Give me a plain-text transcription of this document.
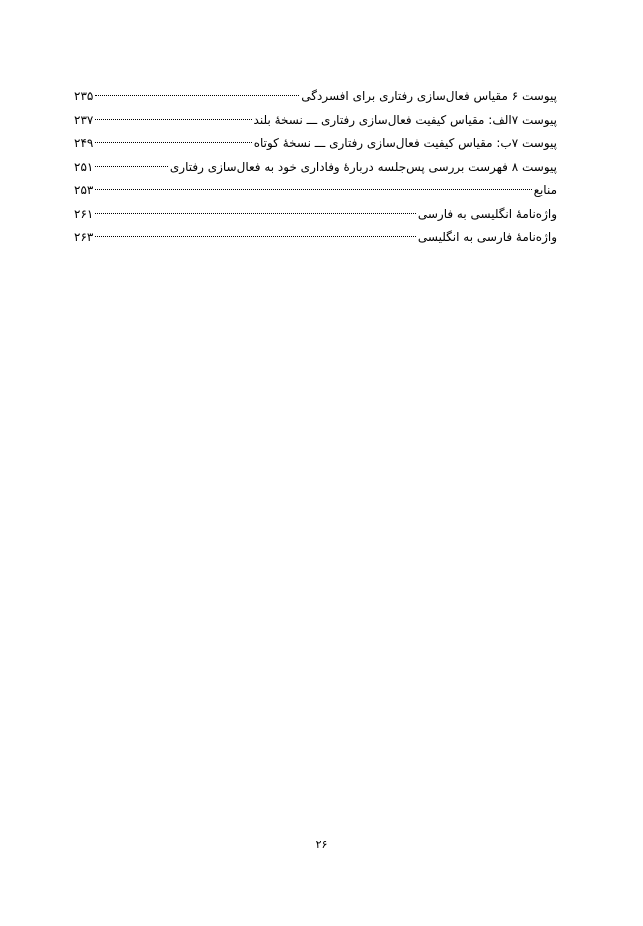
پیوست ۶ مقیاس فعال‌سازی رفتاری برای افسردگی
۲۳۵
پیوست ۷الف: مقیاس کیفیت فعال‌سازی رفتاری ـــ نسخهٔ بلند
۲۳۷
پیوست ۷ب: مقیاس کیفیت فعال‌سازی رفتاری ـــ نسخهٔ کوتاه
۲۴۹
پیوست ۸ فهرست بررسی پس‌جلسه دربارهٔ وفاداری خود به فعال‌سازی رفتاری
۲۵۱
منابع
۲۵۳
واژه‌نامهٔ انگلیسی به فارسی
۲۶۱
واژه‌نامهٔ فارسی به انگلیسی
۲۶۳
۲۶
